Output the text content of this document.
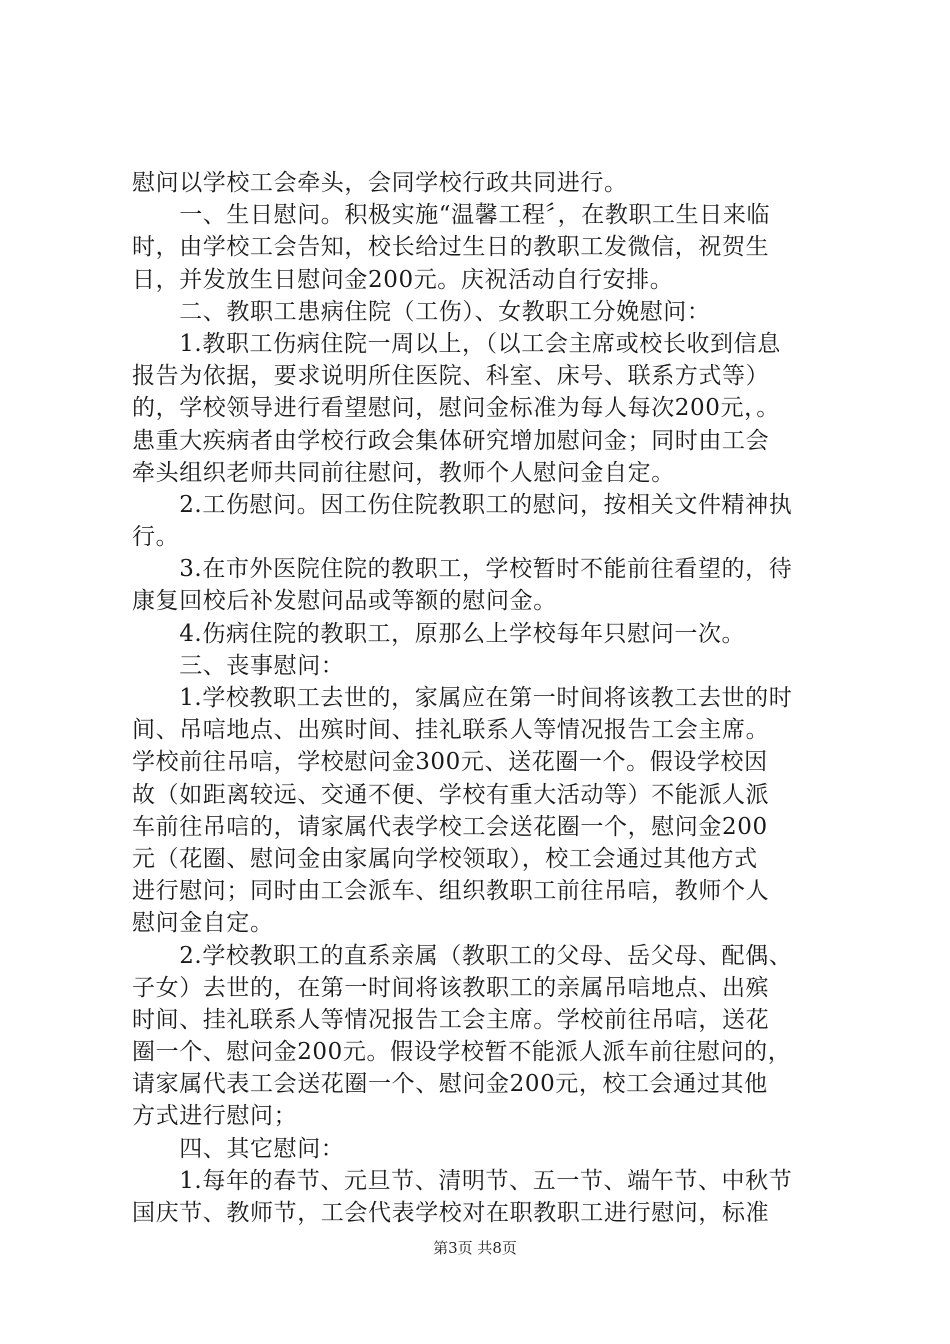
慰问以学校工会牵头，会同学校行政共同进行。
　　一、生日慰问。积极实施“温馨工程〞，在教职工生日来临
时，由学校工会告知，校长给过生日的教职工发微信，祝贺生
日，并发放生日慰问金200元。庆祝活动自行安排。
　　二、教职工患病住院（工伤）、女教职工分娩慰问：
　　1.教职工伤病住院一周以上，（以工会主席或校长收到信息
报告为依据，要求说明所住医院、科室、床号、联系方式等）
的，学校领导进行看望慰问，慰问金标准为每人每次200元，。
患重大疾病者由学校行政会集体研究增加慰问金；同时由工会
牵头组织老师共同前往慰问，教师个人慰问金自定。
　　2.工伤慰问。因工伤住院教职工的慰问，按相关文件精神执
行。
　　3.在市外医院住院的教职工，学校暂时不能前往看望的，待
康复回校后补发慰问品或等额的慰问金。
　　4.伤病住院的教职工，原那么上学校每年只慰问一次。
　　三、丧事慰问：
　　1.学校教职工去世的，家属应在第一时间将该教工去世的时
间、吊唁地点、出殡时间、挂礼联系人等情况报告工会主席。
学校前往吊唁，学校慰问金300元、送花圈一个。假设学校因
故（如距离较远、交通不便、学校有重大活动等）不能派人派
车前往吊唁的，请家属代表学校工会送花圈一个，慰问金200
元（花圈、慰问金由家属向学校领取），校工会通过其他方式
进行慰问；同时由工会派车、组织教职工前往吊唁，教师个人
慰问金自定。
　　2.学校教职工的直系亲属（教职工的父母、岳父母、配偶、
子女）去世的，在第一时间将该教职工的亲属吊唁地点、出殡
时间、挂礼联系人等情况报告工会主席。学校前往吊唁，送花
圈一个、慰问金200元。假设学校暂不能派人派车前往慰问的，
请家属代表工会送花圈一个、慰问金200元，校工会通过其他
方式进行慰问；
　　四、其它慰问：
　　1.每年的春节、元旦节、清明节、五一节、端午节、中秋节
国庆节、教师节，工会代表学校对在职教职工进行慰问，标准
第3页 共8页
